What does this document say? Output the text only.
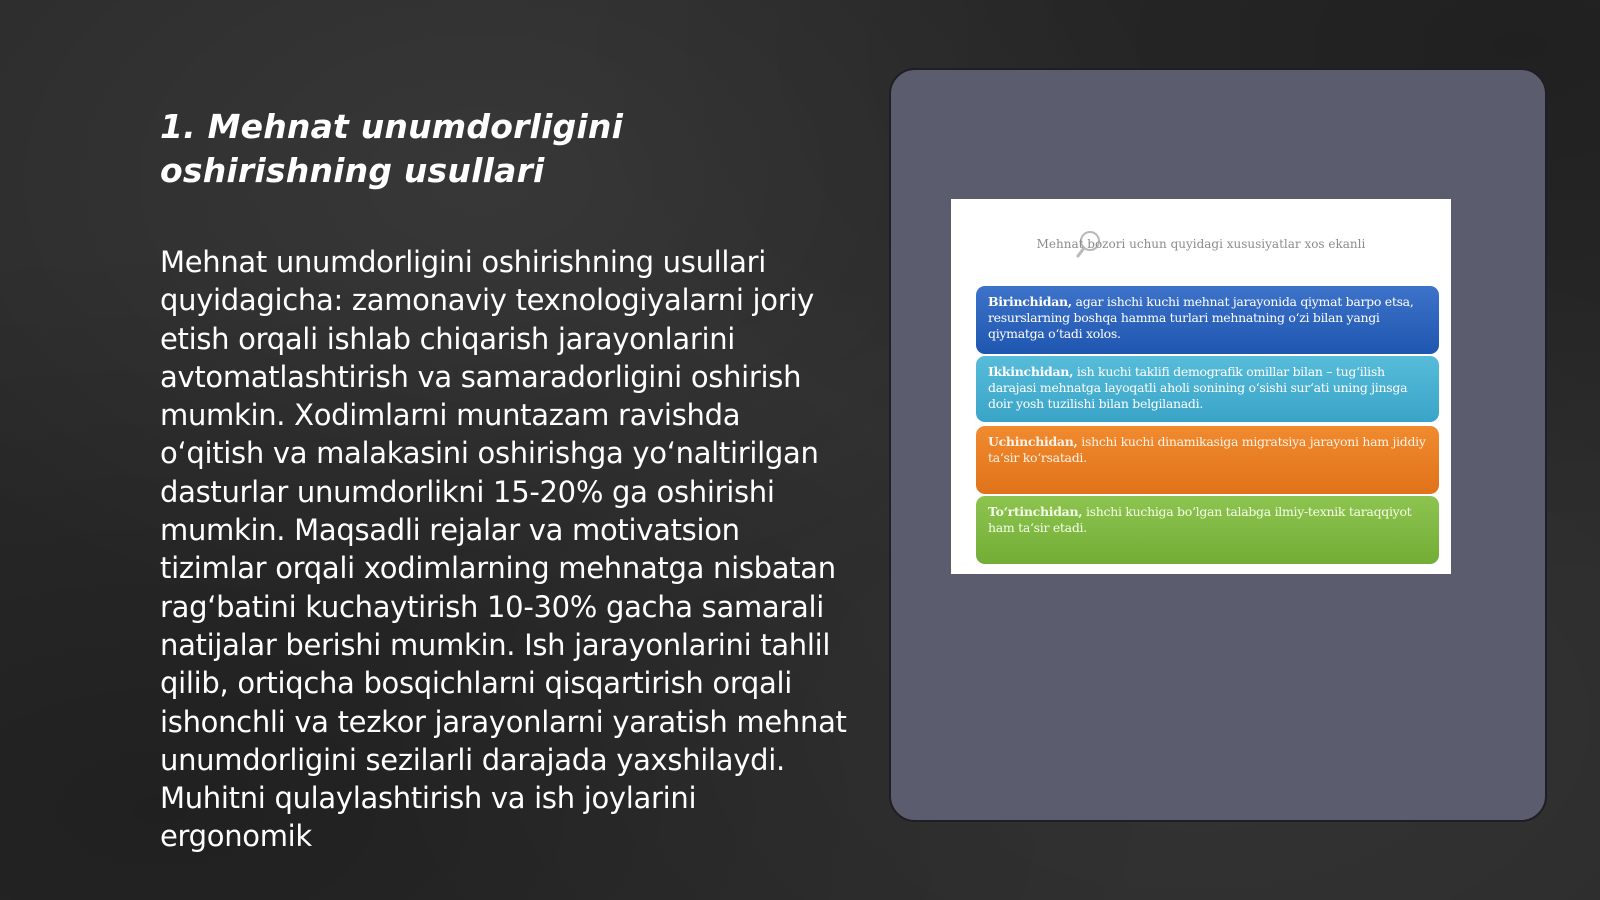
1. Mehnat unumdorligini oshirishning usullari

Mehnat unumdorligini oshirishning usullari quyidagicha: zamonaviy texnologiyalarni joriy etish orqali ishlab chiqarish jarayonlarini avtomatlashtirish va samaradorligini oshirish mumkin. Xodimlarni muntazam ravishda o‘qitish va malakasini oshirishga yo‘naltirilgan dasturlar unumdorlikni 15-20% ga oshirishi mumkin. Maqsadli rejalar va motivatsion tizimlar orqali xodimlarning mehnatga nisbatan rag‘batini kuchaytirish 10-30% gacha samarali natijalar berishi mumkin. Ish jarayonlarini tahlil qilib, ortiqcha bosqichlarni qisqartirish orqali ishonchli va tezkor jarayonlarni yaratish mehnat unumdorligini sezilarli darajada yaxshilaydi. Muhitni qulaylashtirish va ish joylarini ergonomik

Mehnat bozori uchun quyidagi xususiyatlar xos ekanli
Birinchidan, agar ishchi kuchi mehnat jarayonida qiymat barpo etsa, resurslarning boshqa hamma turlari mehnatning o‘zi bilan yangi qiymatga o‘tadi xolos.
Ikkinchidan, ish kuchi taklifi demografik omillar bilan – tug‘ilish darajasi mehnatga layoqatli aholi sonining o‘sishi sur‘ati uning jinsga doir yosh tuzilishi bilan belgilanadi.
Uchinchidan, ishchi kuchi dinamikasiga migratsiya jarayoni ham jiddiy ta‘sir ko‘rsatadi.
To‘rtinchidan, ishchi kuchiga bo‘lgan talabga ilmiy-texnik taraqqiyot ham ta‘sir etadi.
